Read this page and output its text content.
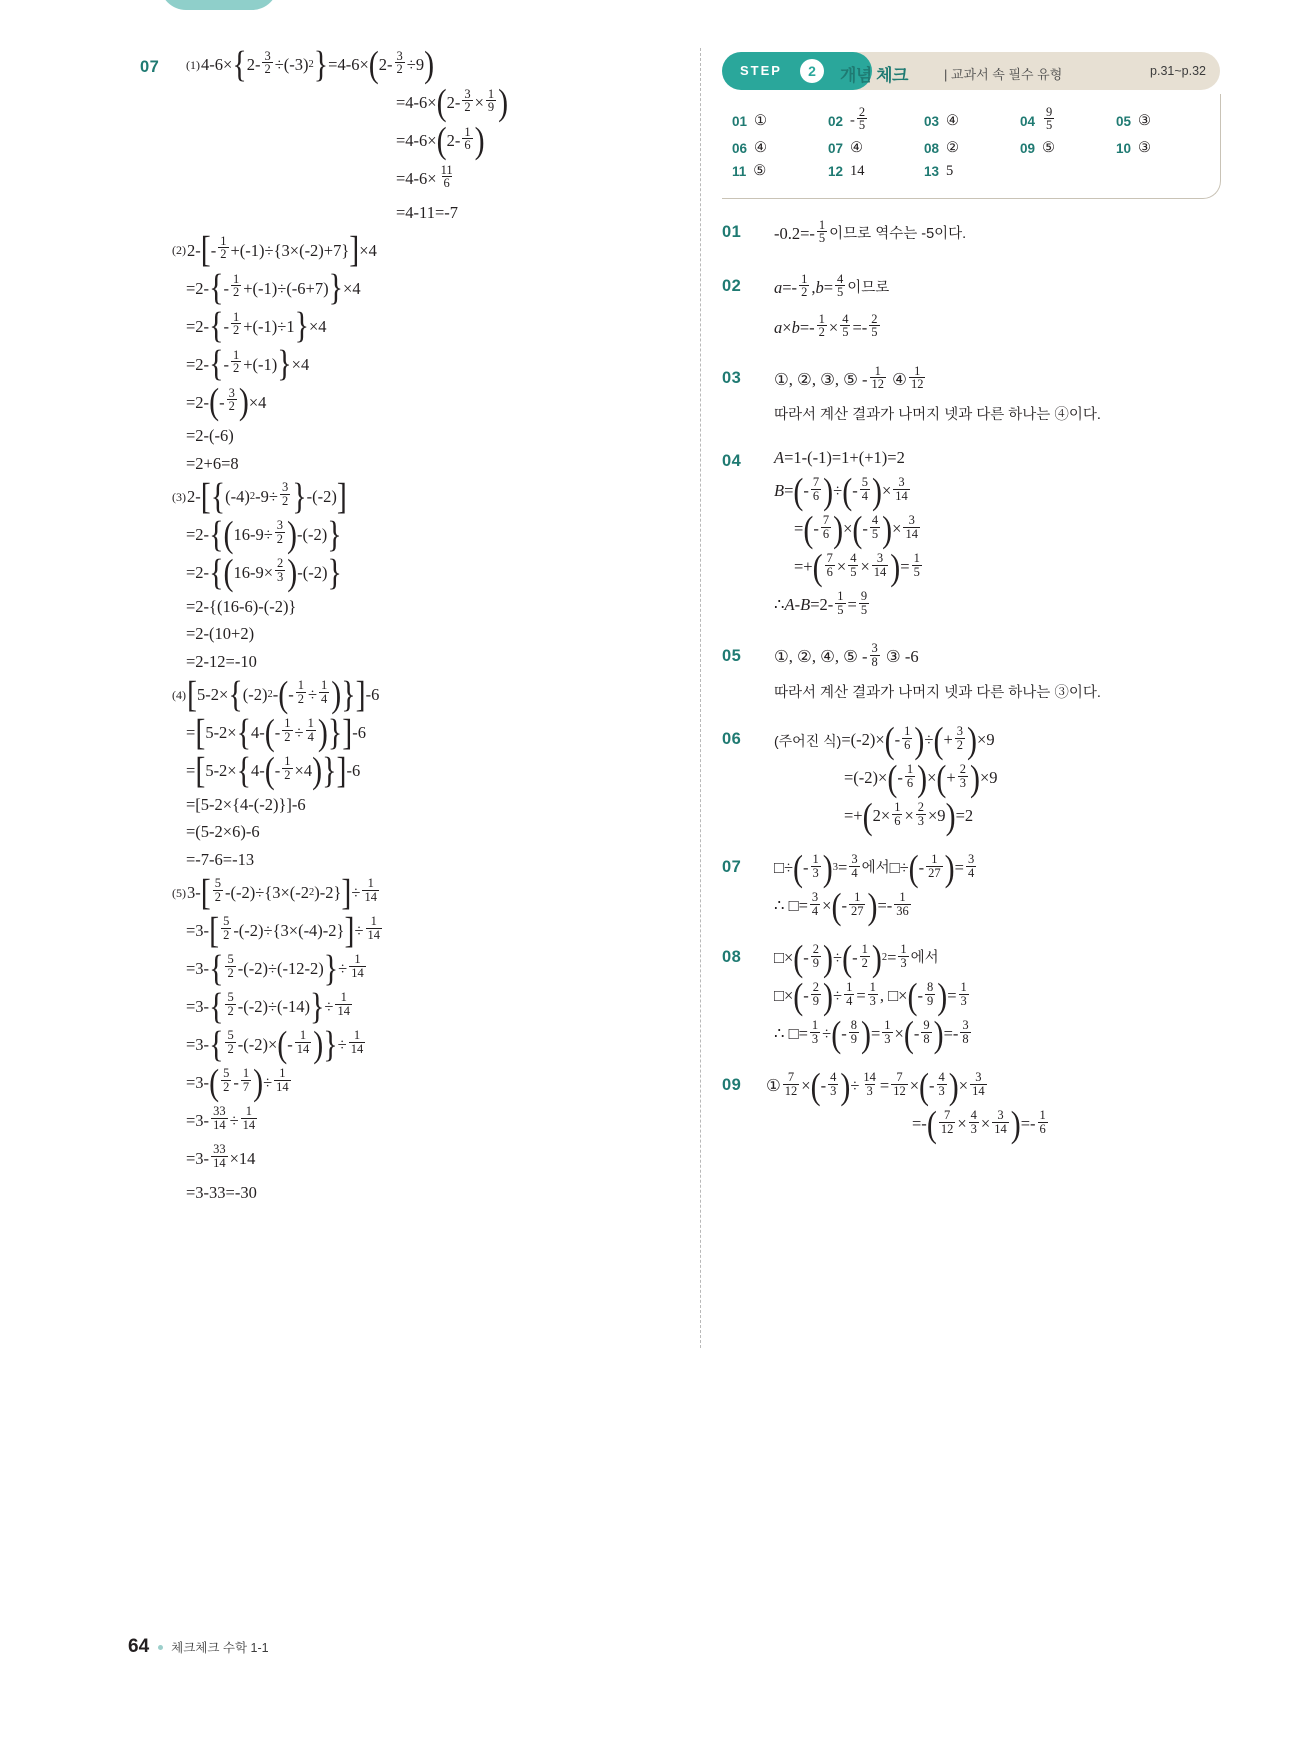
07 (1) 4-6× { 2- 3
2 ÷(-3) 2 } =4-6× ( 2- 3
2 ÷9 )
=4-6× ( 2- 3
2 × 1
9 )
=4-6× ( 2- 1
6 )
=4-6× 11
6
=4-11=-7
(2) 2- [ - 1
2 +(-1)÷{3×(-2)+7} ] ×4
=2- { - 1
2 +(-1)÷(-6+7) } ×4
=2- { - 1
2 +(-1)÷1 } ×4
=2- { - 1
2 +(-1) } ×4
=2- ( - 3
2 ) ×4
=2-(-6)
=2+6=8
(3) 2- [ { (-4) 2 -9÷ 3
2 } -(-2) ]
=2- { ( 16-9÷ 3
2 ) -(-2) }
=2- { ( 16-9× 2
3 ) -(-2) }
=2-{(16-6)-(-2)}
=2-(10+2)
=2-12=-10
(4) [ 5-2× { (-2) 2 - ( - 1
2 ÷ 1
4 ) } ] -6
= [ 5-2× { 4- ( - 1
2 ÷ 1
4 ) } ] -6
= [ 5-2× { 4- ( - 1
2 ×4 ) } ] -6
=[5-2×{4-(-2)}]-6
=(5-2×6)-6
=-7-6=-13
(5) 3- [ 5
2 -(-2)÷{3×(-2 2 )-2} ] ÷ 1
14
=3- [ 5
2 -(-2)÷{3×(-4)-2} ] ÷ 1
14
=3- { 5
2 -(-2)÷(-12-2) } ÷ 1
14
=3- { 5
2 -(-2)÷(-14) } ÷ 1
14
=3- { 5
2 -(-2)× ( - 1
14 ) } ÷ 1
14
=3- ( 5
2 - 1
7 ) ÷ 1
14
=3- 33
14 ÷ 1
14
=3- 33
14 ×14
=3-33=-30
STEP	2	개념 체크	| 교과서 속 필수 유형	p.31~p.32
01 ①	$02 - \frac{2}{5}$	03 ④	$04 \frac{9}{5}$	05 ③
06 ④	07 ④	08 ②	09 ⑤	10 ③
11 ⑤	12 14	13 5
01 -0.2=- 1
5 이므로 역수는 -5이다.
02 a =- 1
2 , b = 4
5 이므로
a × b =- 1
2 × 4
5 =- 2
5
03 ①, ②, ③, ⑤ - 1
12 ④ 1
12
따라서 계산 결과가 나머지 넷과 다른 하나는 ④이다.
04 A =1-(-1)=1+(+1)=2
B = ( - 7
6 ) ÷ ( - 5
4 ) × 3
14
= ( - 7
6 ) × ( - 4
5 ) × 3
14
=+ ( 7
6 × 4
5 × 3
14 ) = 1
5
∴ A - B =2- 1
5 = 9
5
05 ①, ②, ④, ⑤ - 3
8 ③ -6
따라서 계산 결과가 나머지 넷과 다른 하나는 ③이다.
06 (주어진 식) =(-2)× ( - 1
6 ) ÷ ( + 3
2 ) ×9
=(-2)× ( - 1
6 ) × ( + 2
3 ) ×9
=+ ( 2× 1
6 × 2
3 ×9 ) =2
07 □÷ ( - 1
3 ) 3 = 3
4 에서 □÷ ( - 1
27 ) = 3
4
∴ □= 3
4 × ( - 1
27 ) =- 1
36
08 □× ( - 2
9 ) ÷ ( - 1
2 ) 2 = 1
3 에서
□× ( - 2
9 ) ÷ 1
4 = 1
3 , □× ( - 8
9 ) = 1
3
∴ □= 1
3 ÷ ( - 8
9 ) = 1
3 × ( - 9
8 ) =- 3
8
09 ① 7
12 × ( - 4
3 ) ÷ 14
3 = 7
12 × ( - 4
3 ) × 3
14
=- ( 7
12 × 4
3 × 3
14 ) =- 1
6
64 체크체크 수학 1-1
